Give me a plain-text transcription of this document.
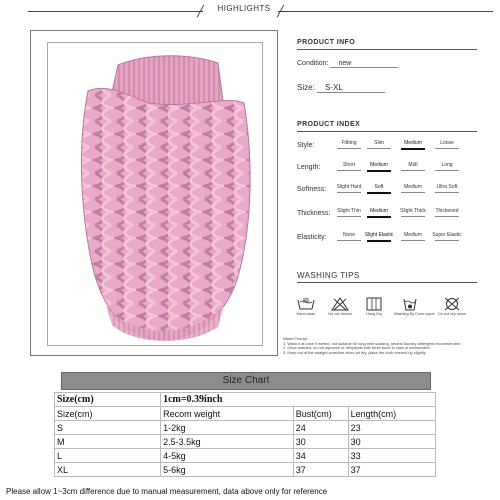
HIGHLIGHTS
PRODUCT INFO
Condition: new
Size: S-XL
PRODUCT INDEX
Style:	Fittting	Slim	Medium	Loose
Length:	Short	Medium	Midi	Long
Softness:	Slight Hard	Soft	Medium	Ultra Soft
Thickness:	Slight Thin	Medium	Slight Thick	Thickened
Elasticity:	None	Slight Elastic	Medium	Super Elastic
WASHING TIPS
Hand wash	Do not bleach	Hang Dry	Washing By Color seper Do not dry clean
Warm Prompt:
1. Wash it at once if wetted, not suitable for long time soaking, neutral laundry detergent recommended
2. Once washed, do not squeeze or dehydrate with brute force in case of deformation
3. Keep out of the straight sunshine when air dry, place the cloth evened up slightly
Size Chart
Size(cm)	1cm=0.39inch		
Size(cm)	Recom weight	Bust(cm)	Length(cm)
S	1-2kg	24	23
M	2.5-3.5kg	30	30
L	4-5kg	34	33
XL	5-6kg	37	37
Please allow 1~3cm difference due to manual measurement, data above only for reference
